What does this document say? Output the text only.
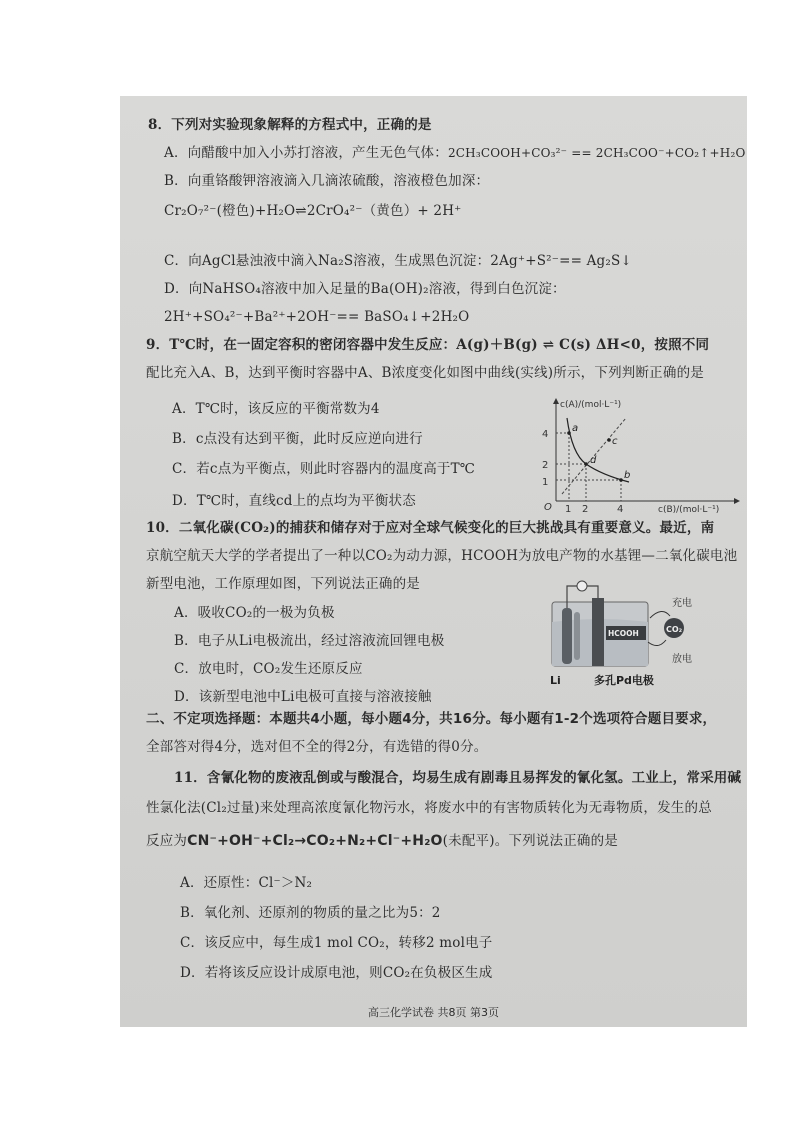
8．下列对实验现象解释的方程式中，正确的是
A．向醋酸中加入小苏打溶液，产生无色气体：2CH₃COOH+CO₃²⁻ == 2CH₃COO⁻+CO₂↑+H₂O
B．向重铬酸钾溶液滴入几滴浓硫酸，溶液橙色加深：
Cr₂O₇²⁻(橙色)+H₂O⇌2CrO₄²⁻（黄色）+ 2H⁺
C．向AgCl悬浊液中滴入Na₂S溶液，生成黑色沉淀：2Ag⁺+S²⁻== Ag₂S↓
D．向NaHSO₄溶液中加入足量的Ba(OH)₂溶液，得到白色沉淀：
2H⁺+SO₄²⁻+Ba²⁺+2OH⁻== BaSO₄↓+2H₂O
9．T℃时，在一固定容积的密闭容器中发生反应：A(g)＋B(g) ⇌ C(s) ΔH<0，按照不同
配比充入A、B，达到平衡时容器中A、B浓度变化如图中曲线(实线)所示，下列判断正确的是
A．T℃时，该反应的平衡常数为4
B．c点没有达到平衡，此时反应逆向进行
C．若c点为平衡点，则此时容器内的温度高于T℃
D．T℃时，直线cd上的点均为平衡状态
c(A)/(mol·L⁻¹)
c(B)/(mol·L⁻¹)
O
4
2
1
1 2	4
a
c
d
b
10．二氧化碳(CO₂)的捕获和储存对于应对全球气候变化的巨大挑战具有重要意义。最近，南
京航空航天大学的学者提出了一种以CO₂为动力源，HCOOH为放电产物的水基锂—二氧化碳电池
新型电池，工作原理如图，下列说法正确的是
A．吸收CO₂的一极为负极
B．电子从Li电极流出，经过溶液流回锂电极
C．放电时，CO₂发生还原反应
D．该新型电池中Li电极可直接与溶液接触
HCOOH	CO₂
充电
放电
Li	多孔Pd电极
二、不定项选择题：本题共4小题，每小题4分，共16分。每小题有1-2个选项符合题目要求，
全部答对得4分，选对但不全的得2分，有选错的得0分。
11．含氰化物的废液乱倒或与酸混合，均易生成有剧毒且易挥发的氰化氢。工业上，常采用碱
性氯化法(Cl₂过量)来处理高浓度氰化物污水，将废水中的有害物质转化为无毒物质，发生的总
反应为CN⁻+OH⁻+Cl₂→CO₂+N₂+Cl⁻+H₂O(未配平)。下列说法正确的是
A．还原性：Cl⁻＞N₂
B．氧化剂、还原剂的物质的量之比为5：2
C．该反应中，每生成1 mol CO₂，转移2 mol电子
D．若将该反应设计成原电池，则CO₂在负极区生成
高三化学试卷 共8页 第3页
